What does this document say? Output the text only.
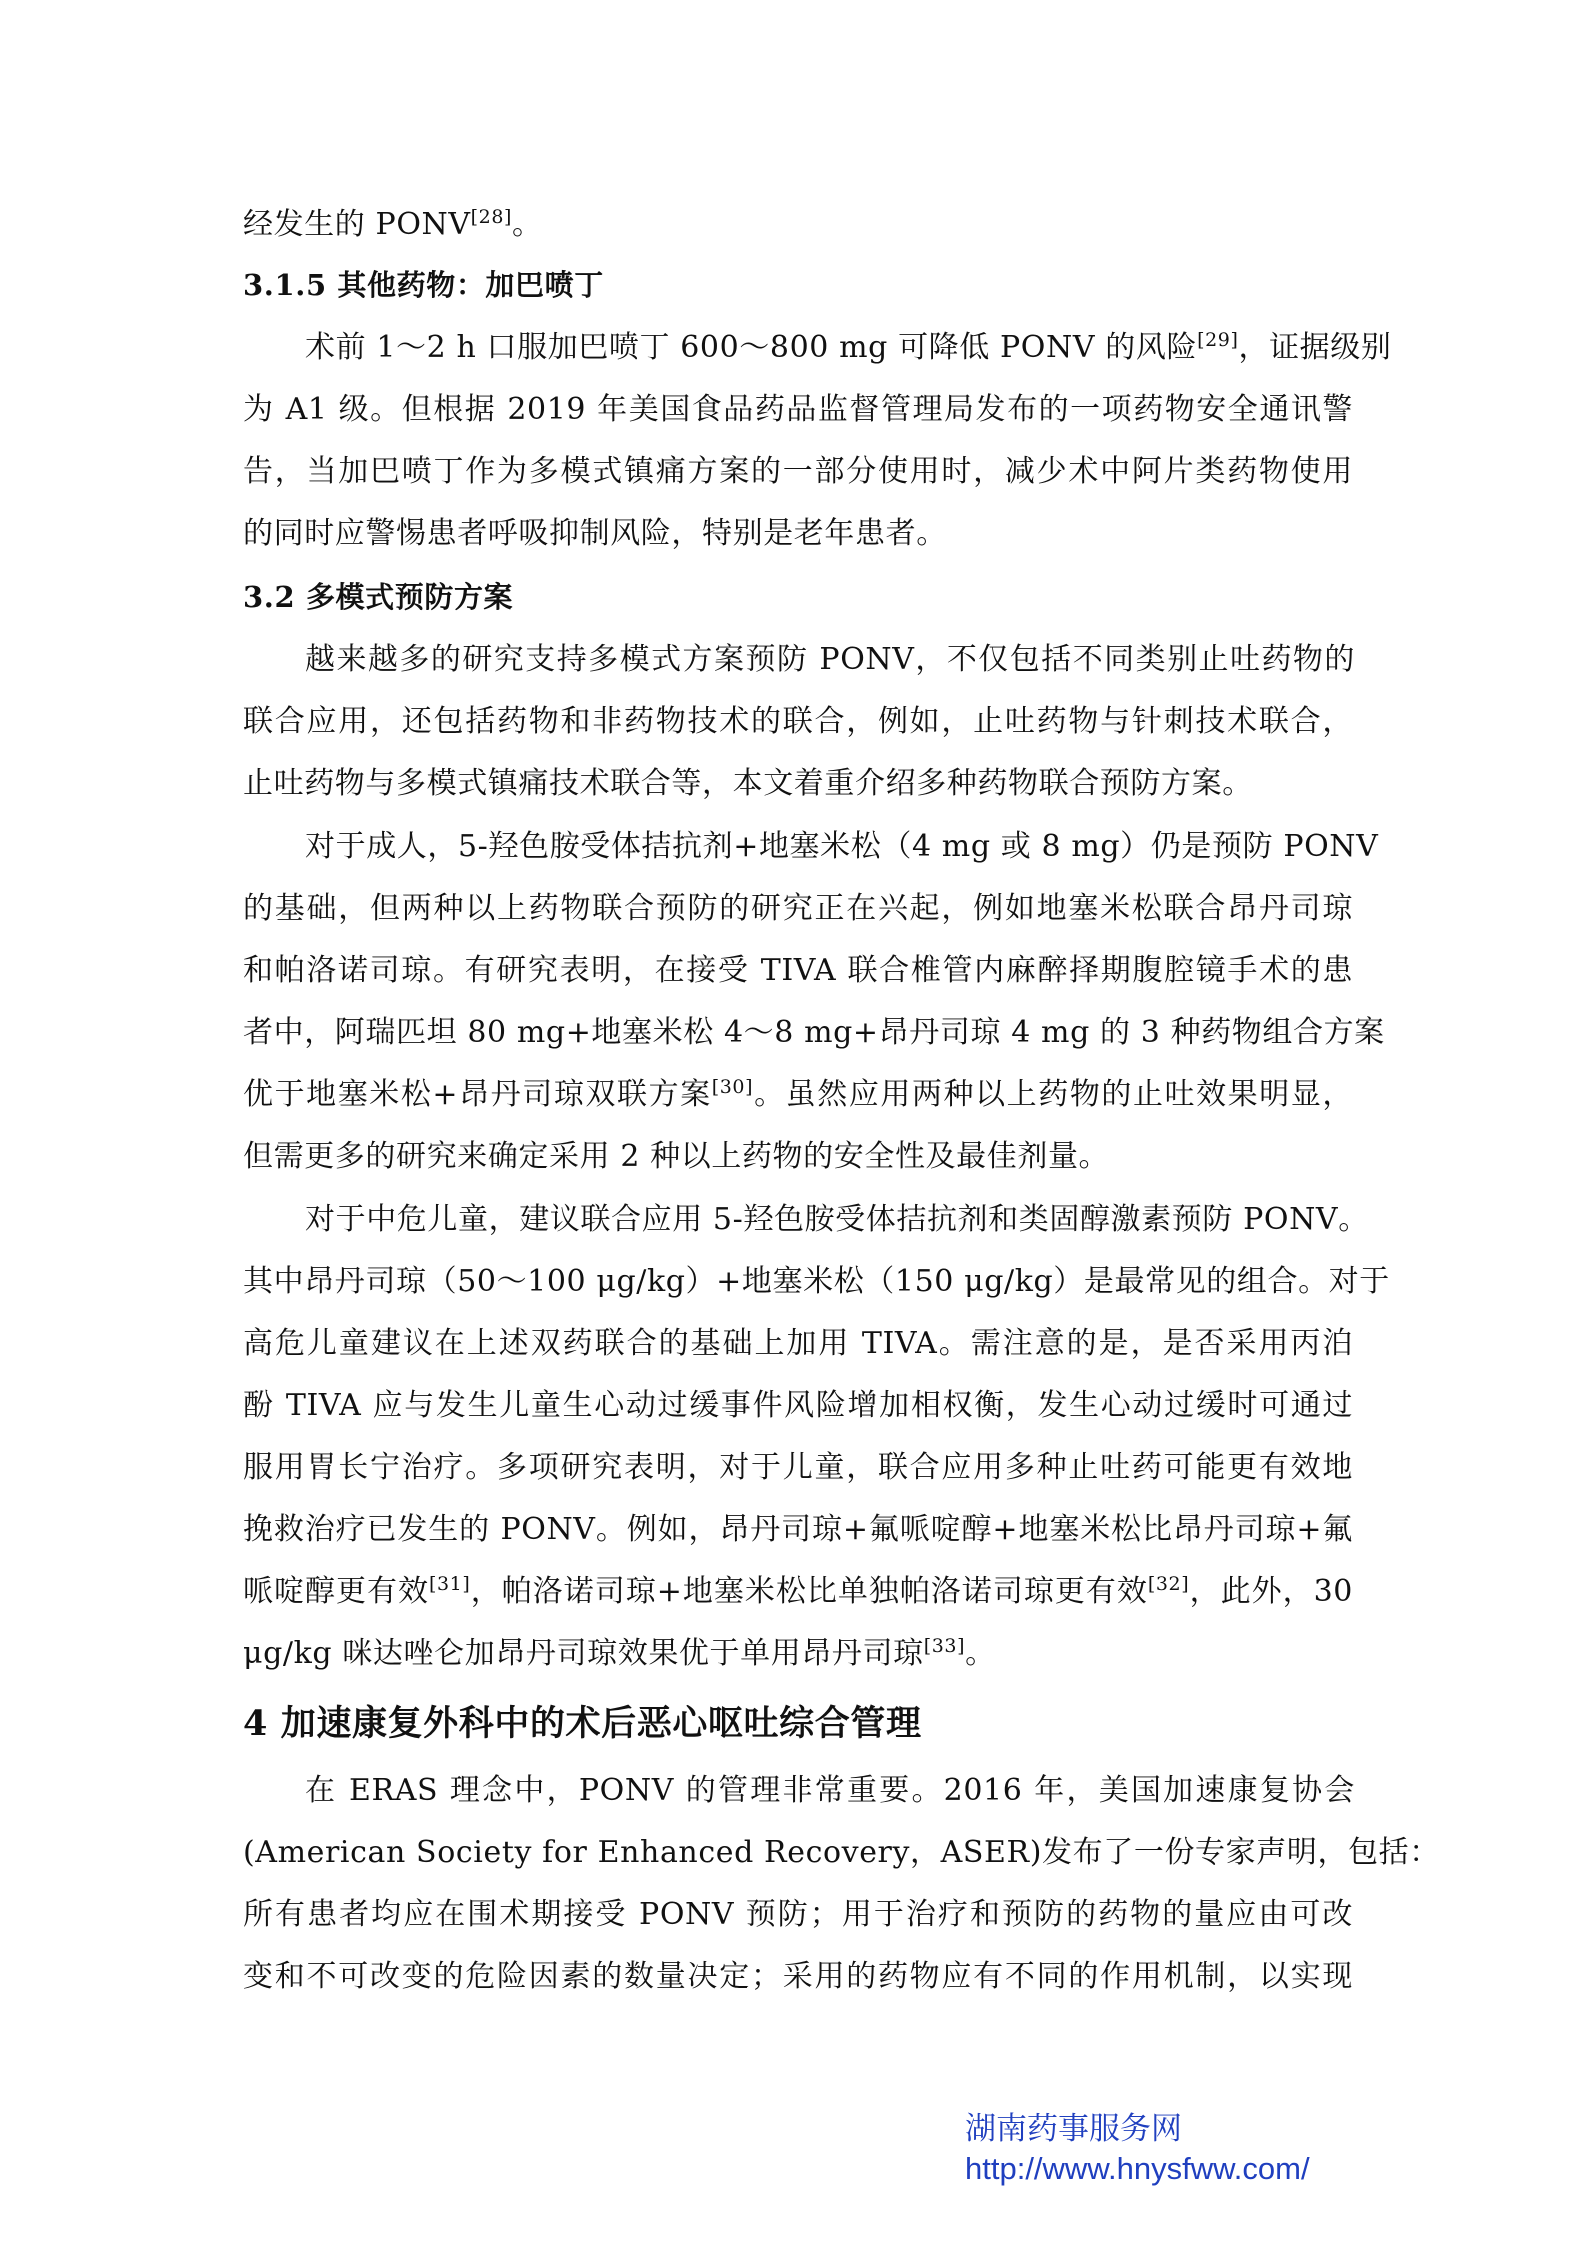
经发生的 PONV[28]。
3.1.5 其他药物：加巴喷丁
术前 1～2 h 口服加巴喷丁 600～800 mg 可降低 PONV 的风险[29]，证据级别
为 A1 级。但根据 2019 年美国食品药品监督管理局发布的一项药物安全通讯警
告，当加巴喷丁作为多模式镇痛方案的一部分使用时，减少术中阿片类药物使用
的同时应警惕患者呼吸抑制风险，特别是老年患者。
3.2 多模式预防方案
越来越多的研究支持多模式方案预防 PONV，不仅包括不同类别止吐药物的
联合应用，还包括药物和非药物技术的联合，例如，止吐药物与针刺技术联合，
止吐药物与多模式镇痛技术联合等，本文着重介绍多种药物联合预防方案。
对于成人，5-羟色胺受体拮抗剂+地塞米松（4 mg 或 8 mg）仍是预防 PONV
的基础，但两种以上药物联合预防的研究正在兴起，例如地塞米松联合昂丹司琼
和帕洛诺司琼。有研究表明，在接受 TIVA 联合椎管内麻醉择期腹腔镜手术的患
者中，阿瑞匹坦 80 mg+地塞米松 4～8 mg+昂丹司琼 4 mg 的 3 种药物组合方案
优于地塞米松+昂丹司琼双联方案[30]。虽然应用两种以上药物的止吐效果明显，
但需更多的研究来确定采用 2 种以上药物的安全性及最佳剂量。
对于中危儿童，建议联合应用 5-羟色胺受体拮抗剂和类固醇激素预防 PONV。
其中昂丹司琼（50～100 μg/kg）+地塞米松（150 μg/kg）是最常见的组合。对于
高危儿童建议在上述双药联合的基础上加用 TIVA。需注意的是，是否采用丙泊
酚 TIVA 应与发生儿童生心动过缓事件风险增加相权衡，发生心动过缓时可通过
服用胃长宁治疗。多项研究表明，对于儿童，联合应用多种止吐药可能更有效地
挽救治疗已发生的 PONV。例如，昂丹司琼+氟哌啶醇+地塞米松比昂丹司琼+氟
哌啶醇更有效[31]，帕洛诺司琼+地塞米松比单独帕洛诺司琼更有效[32]，此外，30
μg/kg 咪达唑仑加昂丹司琼效果优于单用昂丹司琼[33]。
4 加速康复外科中的术后恶心呕吐综合管理
在 ERAS 理念中，PONV 的管理非常重要。2016 年，美国加速康复协会
(American Society for Enhanced Recovery，ASER)发布了一份专家声明，包括：
所有患者均应在围术期接受 PONV 预防；用于治疗和预防的药物的量应由可改
变和不可改变的危险因素的数量决定；采用的药物应有不同的作用机制，以实现
湖南药事服务网
http://www.hnysfww.com/
